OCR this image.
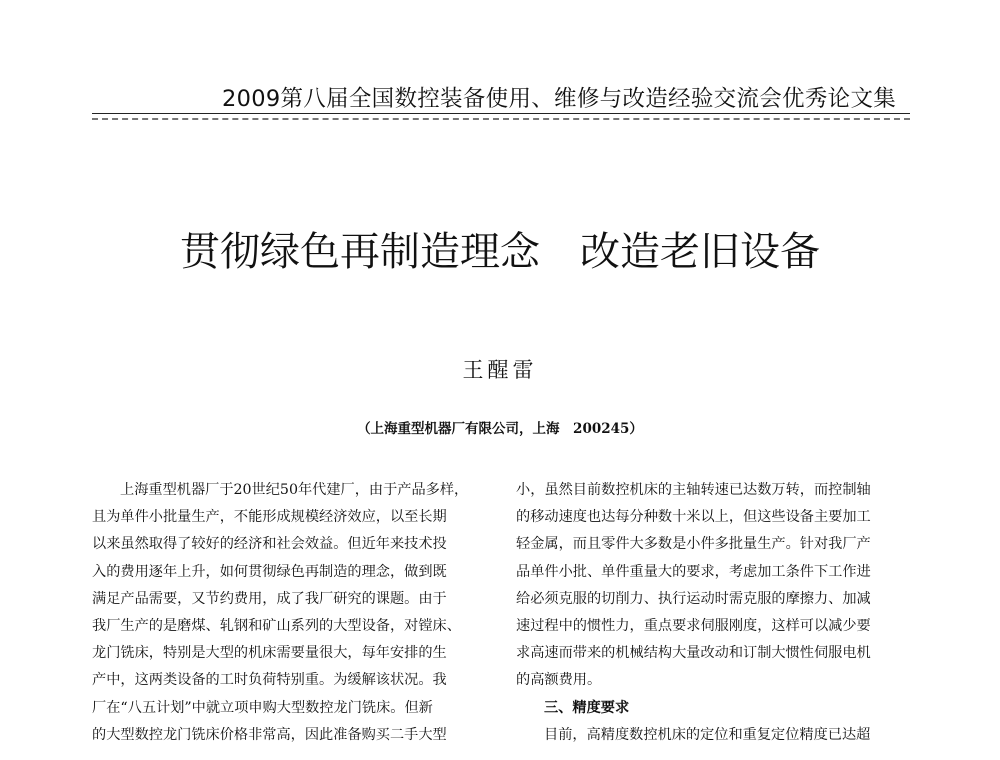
2009第八届全国数控装备使用、维修与改造经验交流会优秀论文集
贯彻绿色再制造理念　改造老旧设备
王醒雷
（上海重型机器厂有限公司，上海　200245）
上海重型机器厂于20世纪50年代建厂，由于产品多样，
且为单件小批量生产，不能形成规模经济效应，以至长期
以来虽然取得了较好的经济和社会效益。但近年来技术投
入的费用逐年上升，如何贯彻绿色再制造的理念，做到既
满足产品需要，又节约费用，成了我厂研究的课题。由于
我厂生产的是磨煤、轧钢和矿山系列的大型设备，对镗床、
龙门铣床，特别是大型的机床需要量很大，每年安排的生
产中，这两类设备的工时负荷特别重。为缓解该状况。我
厂在“八五计划”中就立项申购大型数控龙门铣床。但新
的大型数控龙门铣床价格非常高，因此准备购买二手大型
小，虽然目前数控机床的主轴转速已达数万转，而控制轴
的移动速度也达每分种数十米以上，但这些设备主要加工
轻金属，而且零件大多数是小件多批量生产。针对我厂产
品单件小批、单件重量大的要求，考虑加工条件下工作进
给必须克服的切削力、执行运动时需克服的摩擦力、加减
速过程中的惯性力，重点要求伺服刚度，这样可以减少要
求高速而带来的机械结构大量改动和订制大惯性伺服电机
的高额费用。
三、精度要求
目前，高精度数控机床的定位和重复定位精度已达超
